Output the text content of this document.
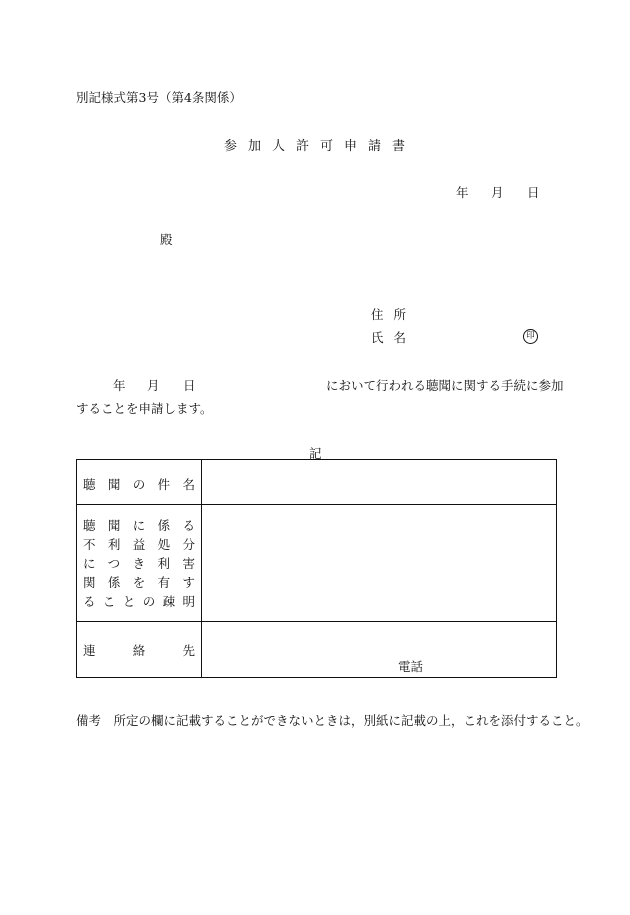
別記様式第3号（第4条関係）
参加人許可申請書
年 月 日
殿
住所
氏名	印
年 月 日	において行われる聴聞に関する手続に参加
することを申請します。
記
聴聞の件名	

聴聞に係る
不利益処分
につき利害
関係を有す
ることの疎明	

連絡先	電話
備考　所定の欄に記載することができないときは，別紙に記載の上，これを添付すること。
